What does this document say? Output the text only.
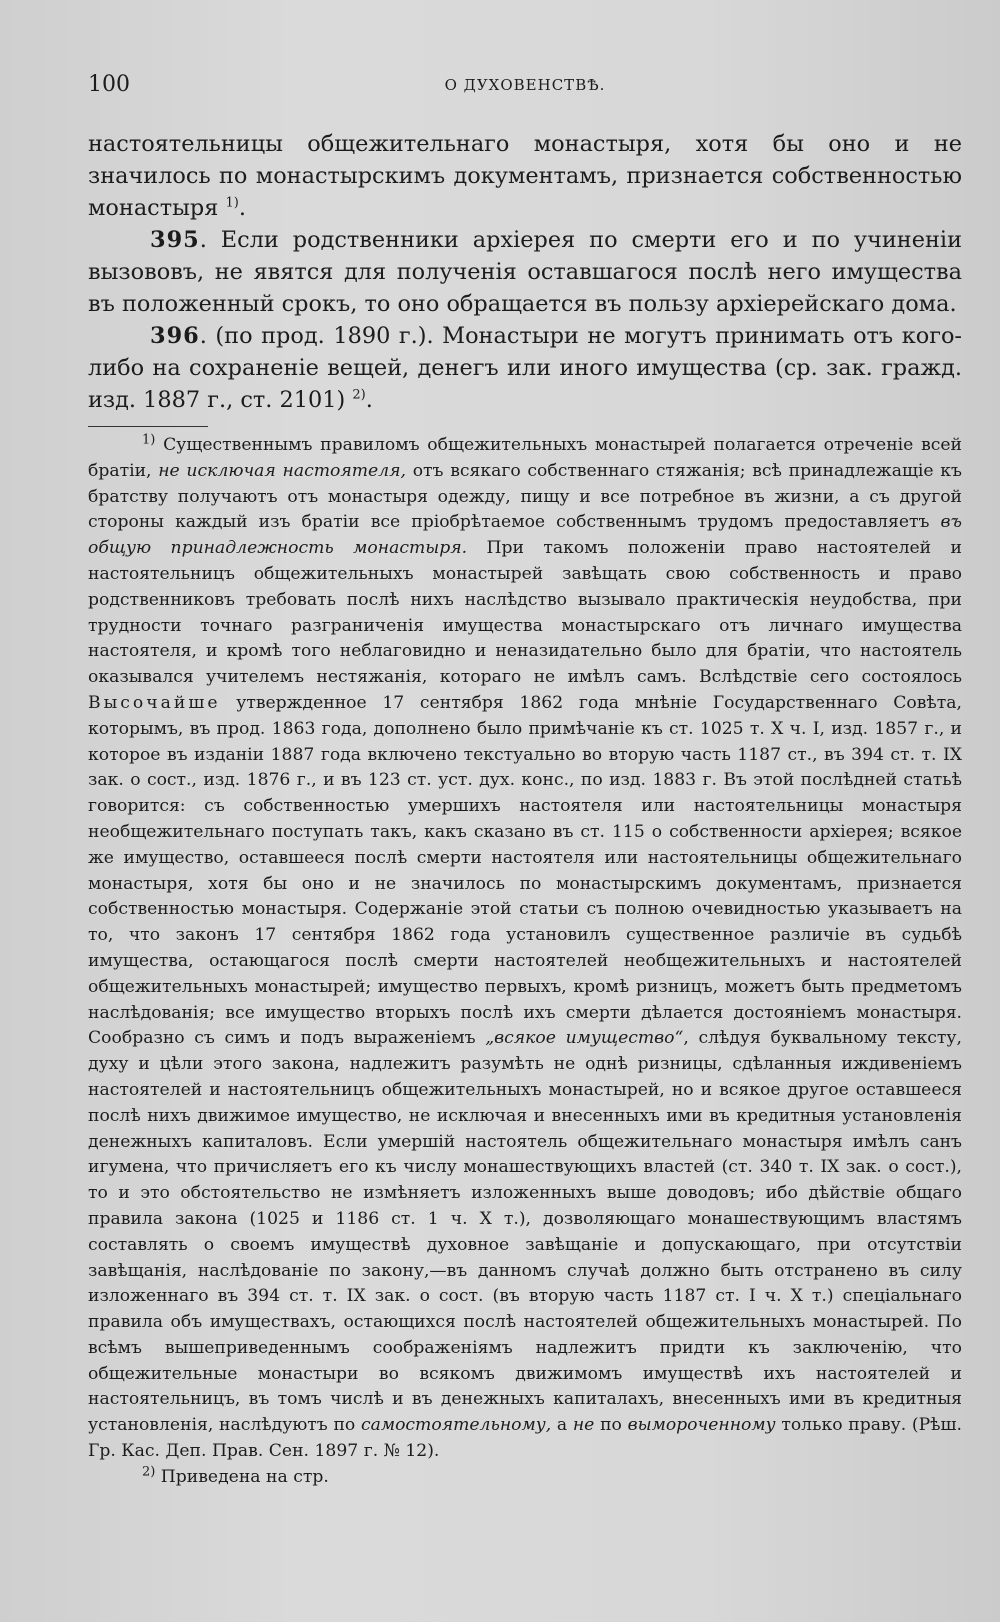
100	О ДУХОВЕНСТВѢ.

настоятельницы общежительнаго монастыря, хотя бы оно и не значилось по монастырскимъ документамъ, признается собственностью монастыря $^{1)}$.

395. Если родственники архіерея по смерти его и по учиненіи вызововъ, не явятся для полученія оставшагося послѣ него имущества въ положенный срокъ, то оно обращается въ пользу архіерейскаго дома.

396. (по прод. 1890 г.). Монастыри не могутъ принимать отъ кого-либо на сохраненіе вещей, денегъ или иного имущества (ср. зак. гражд. изд. 1887 г., ст. 2101) $^{2)}$.

$^{1)}$ Существеннымъ правиломъ общежительныхъ монастырей полагается отреченіе всей братіи, не исключая настоятеля, отъ всякаго собственнаго стяжанія; всѣ принадлежащіе къ братству получаютъ отъ монастыря одежду, пищу и все потребное въ жизни, а съ другой стороны каждый изъ братіи все пріобрѣтаемое собственнымъ трудомъ предоставляетъ въ общую принадлежность монастыря. При такомъ положеніи право настоятелей и настоятельницъ общежительныхъ монастырей завѣщать свою собственность и право родственниковъ требовать послѣ нихъ наслѣдство вызывало практическія неудобства, при трудности точнаго разграниченія имущества монастырскаго отъ личнаго имущества настоятеля, и кромѣ того неблаговидно и неназидательно было для братіи, что настоятель оказывался учителемъ нестяжанія, котораго не имѣлъ самъ. Вслѣдствіе сего состоялось Высочайше утвержденное 17 сентября 1862 года мнѣніе Государственнаго Совѣта, которымъ, въ прод. 1863 года, дополнено было примѣчаніе къ ст. 1025 т. X ч. I, изд. 1857 г., и которое въ изданіи 1887 года включено текстуально во вторую часть 1187 ст., въ 394 ст. т. IX зак. о сост., изд. 1876 г., и въ 123 ст. уст. дух. конс., по изд. 1883 г. Въ этой послѣдней статьѣ говорится: съ собственностью умершихъ настоятеля или настоятельницы монастыря необщежительнаго поступать такъ, какъ сказано въ ст. 115 о собственности архіерея; всякое же имущество, оставшееся послѣ смерти настоятеля или настоятельницы общежительнаго монастыря, хотя бы оно и не значилось по монастырскимъ документамъ, признается собственностью монастыря. Содержаніе этой статьи съ полною очевидностью указываетъ на то, что законъ 17 сентября 1862 года установилъ существенное различіе въ судьбѣ имущества, остающагося послѣ смерти настоятелей необщежительныхъ и настоятелей общежительныхъ монастырей; имущество первыхъ, кромѣ ризницъ, можетъ быть предметомъ наслѣдованія; все имущество вторыхъ послѣ ихъ смерти дѣлается достояніемъ монастыря. Сообразно съ симъ и подъ выраженіемъ „всякое имущество“, слѣдуя буквальному тексту, духу и цѣли этого закона, надлежитъ разумѣть не однѣ ризницы, сдѣланныя иждивеніемъ настоятелей и настоятельницъ общежительныхъ монастырей, но и всякое другое оставшееся послѣ нихъ движимое имущество, не исключая и внесенныхъ ими въ кредитныя установленія денежныхъ капиталовъ. Если умершій настоятель общежительнаго монастыря имѣлъ санъ игумена, что причисляетъ его къ числу монашествующихъ властей (ст. 340 т. IX зак. о сост.), то и это обстоятельство не измѣняетъ изложенныхъ выше доводовъ; ибо дѣйствіе общаго правила закона (1025 и 1186 ст. 1 ч. X т.), дозволяющаго монашествующимъ властямъ составлять о своемъ имуществѣ духовное завѣщаніе и допускающаго, при отсутствіи завѣщанія, наслѣдованіе по закону,—въ данномъ случаѣ должно быть отстранено въ силу изложеннаго въ 394 ст. т. IX зак. о сост. (въ вторую часть 1187 ст. I ч. X т.) спеціальнаго правила объ имуществахъ, остающихся послѣ настоятелей общежительныхъ монастырей. По всѣмъ вышеприведеннымъ соображеніямъ надлежитъ придти къ заключенію, что общежительные монастыри во всякомъ движимомъ имуществѣ ихъ настоятелей и настоятельницъ, въ томъ числѣ и въ денежныхъ капиталахъ, внесенныхъ ими въ кредитныя установленія, наслѣдуютъ по самостоятельному, а не по вымороченному только праву. (Рѣш. Гр. Кас. Деп. Прав. Сен. 1897 г. № 12).

$^{2)}$ Приведена на стр.
